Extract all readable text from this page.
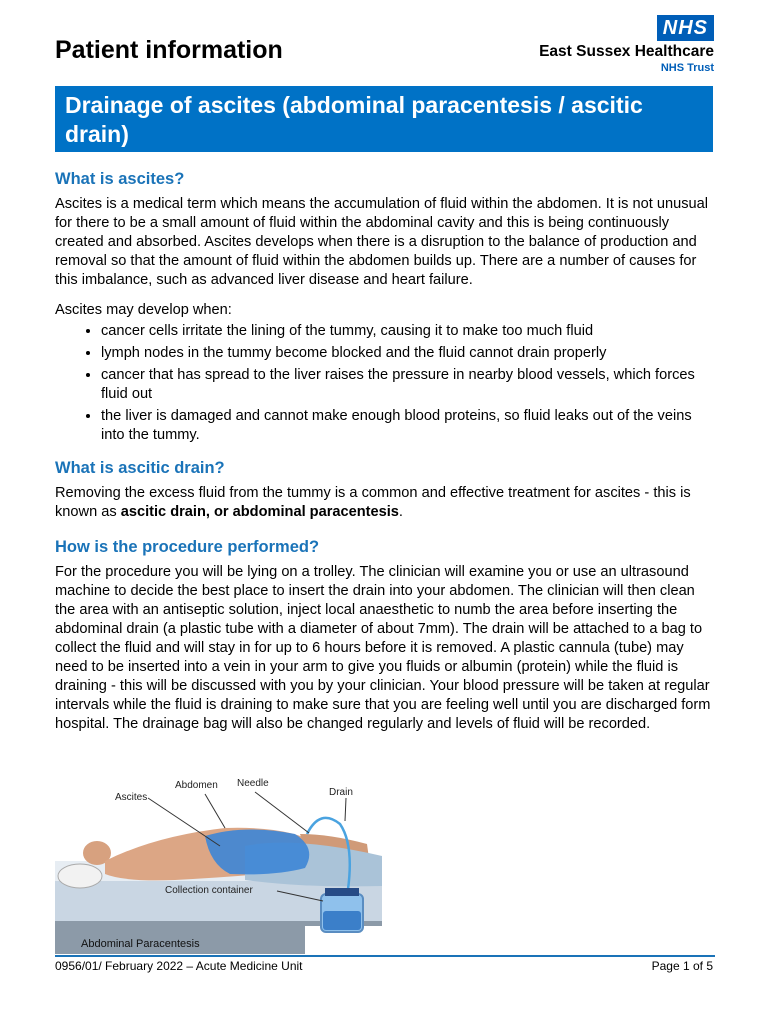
Patient information
NHS
East Sussex Healthcare
NHS Trust
Drainage of ascites (abdominal paracentesis / ascitic drain)
What is ascites?

Ascites is a medical term which means the accumulation of fluid within the abdomen. It is not unusual for there to be a small amount of fluid within the abdominal cavity and this is being continuously created and absorbed. Ascites develops when there is a disruption to the balance of production and removal so that the amount of fluid within the abdomen builds up. There are a number of causes for this imbalance, such as advanced liver disease and heart failure.

Ascites may develop when:

• cancer cells irritate the lining of the tummy, causing it to make too much fluid
• lymph nodes in the tummy become blocked and the fluid cannot drain properly
• cancer that has spread to the liver raises the pressure in nearby blood vessels, which forces fluid out
• the liver is damaged and cannot make enough blood proteins, so fluid leaks out of the veins into the tummy.
What is ascitic drain?

Removing the excess fluid from the tummy is a common and effective treatment for ascites - this is known as ascitic drain, or abdominal paracentesis.

How is the procedure performed?

For the procedure you will be lying on a trolley. The clinician will examine you or use an ultrasound machine to decide the best place to insert the drain into your abdomen. The clinician will then clean the area with an antiseptic solution, inject local anaesthetic to numb the area before inserting the abdominal drain (a plastic tube with a diameter of about 7mm). The drain will be attached to a bag to collect the fluid and will stay in for up to 6 hours before it is removed. A plastic cannula (tube) may need to be inserted into a vein in your arm to give you fluids or albumin (protein) while the fluid is draining - this will be discussed with you by your clinician. Your blood pressure will be taken at regular intervals while the fluid is draining to make sure that you are feeling well until you are discharged form hospital. The drainage bag will also be changed regularly and levels of fluid will be recorded.

Abdomen Needle
Drain
Ascites
Collection container
Abdominal Paracentesis
0956/01/ February 2022 – Acute Medicine Unit	Page 1 of 5
